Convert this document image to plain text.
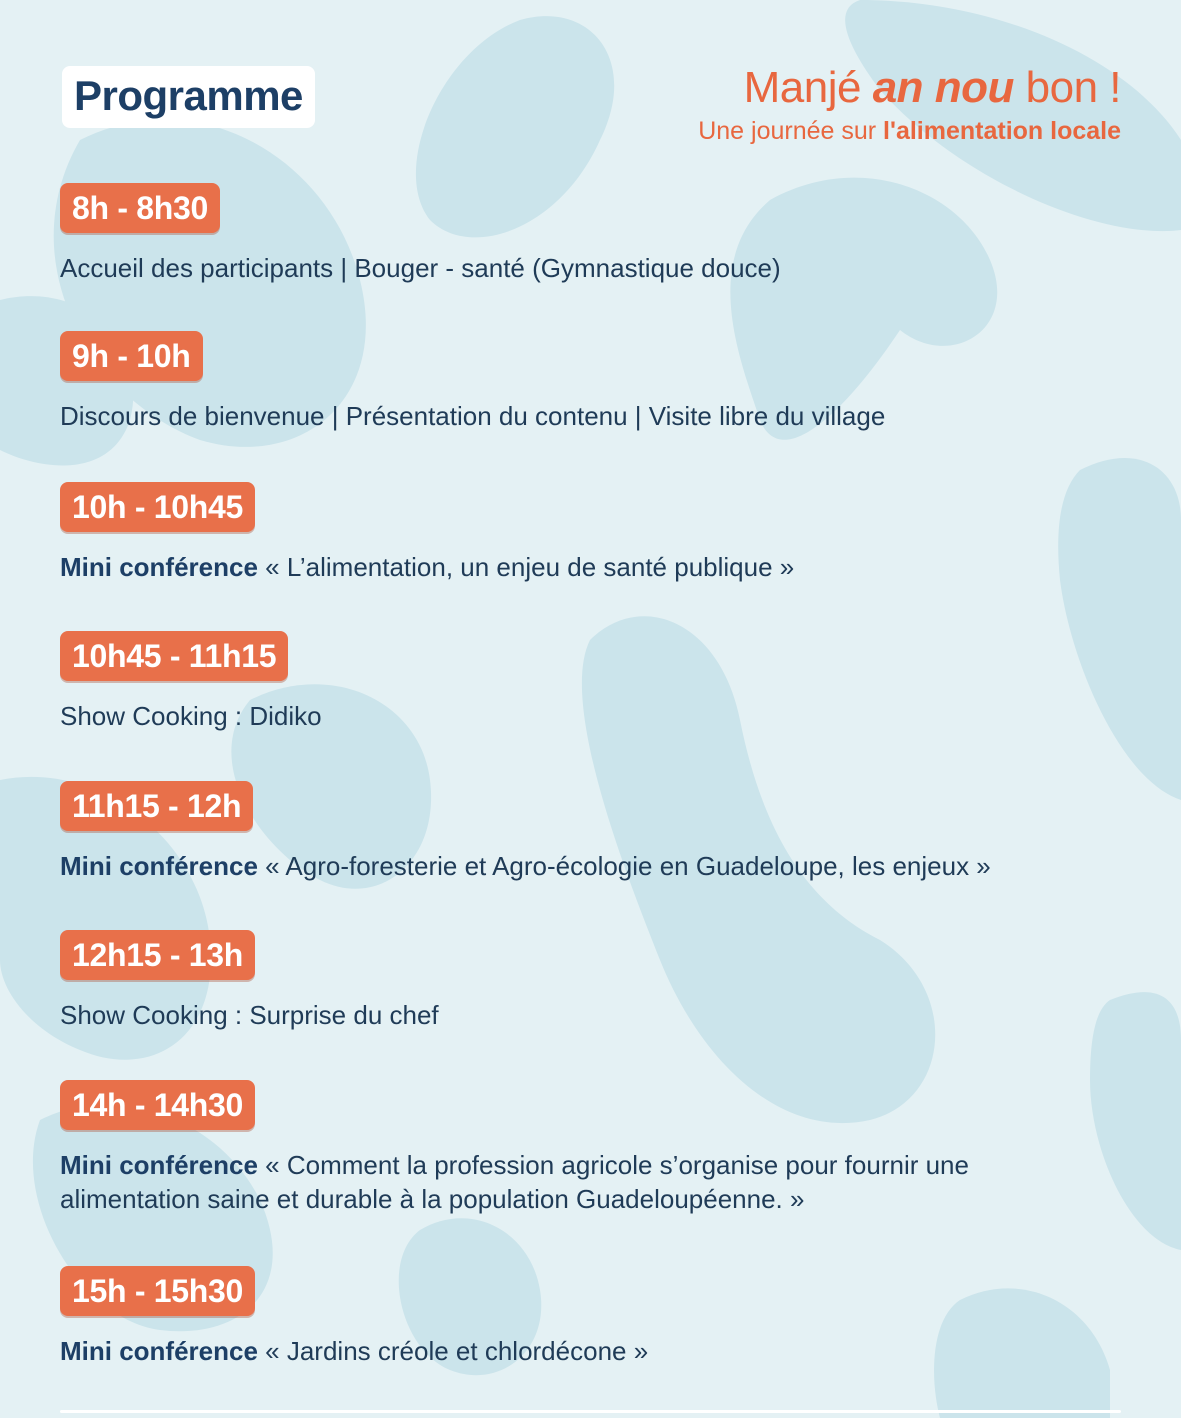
Programme	Manjé an nou bon !
Une journée sur l'alimentation locale
8h - 8h30
Accueil des participants | Bouger - santé (Gymnastique douce)
9h - 10h
Discours de bienvenue | Présentation du contenu | Visite libre du village
10h - 10h45
Mini conférence « L’alimentation, un enjeu de santé publique »
10h45 - 11h15
Show Cooking : Didiko
11h15 - 12h
Mini conférence « Agro-foresterie et Agro-écologie en Guadeloupe, les enjeux »
12h15 - 13h
Show Cooking : Surprise du chef
14h - 14h30
Mini conférence « Comment la profession agricole s’organise pour fournir une alimentation saine et durable à la population Guadeloupéenne. »
15h - 15h30
Mini conférence « Jardins créole et chlordécone »
